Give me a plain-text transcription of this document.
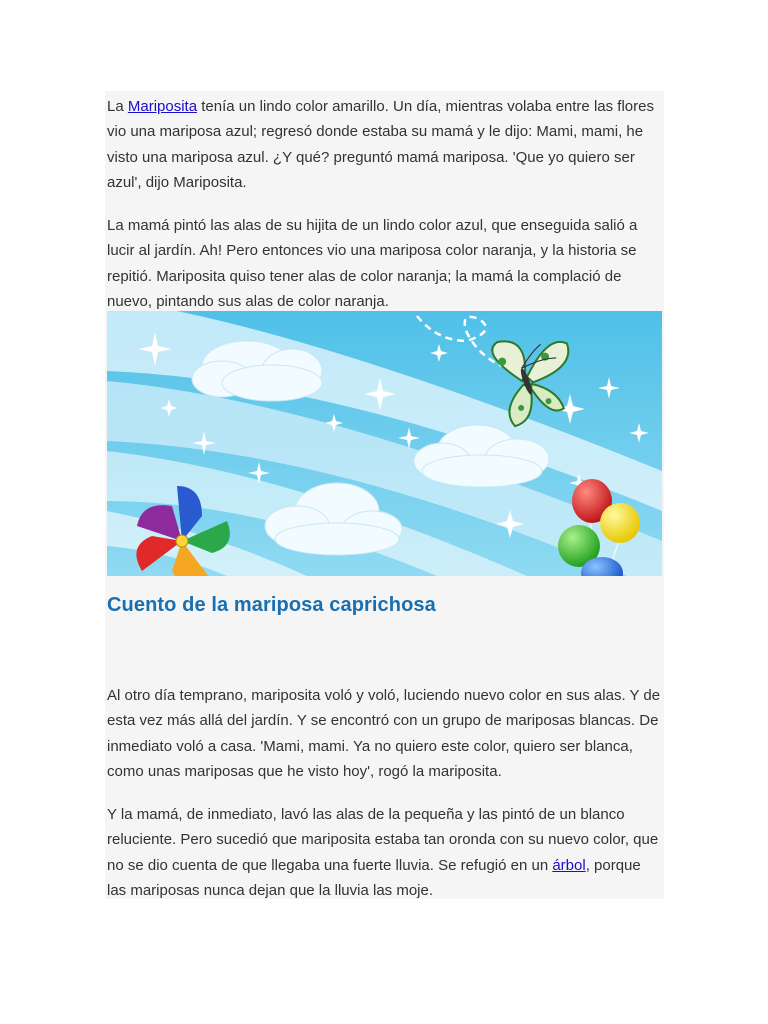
La Mariposita tenía un lindo color amarillo. Un día, mientras volaba entre las flores vio una mariposa azul; regresó donde estaba su mamá y le dijo: Mami, mami, he visto una mariposa azul. ¿Y qué? preguntó mamá mariposa. 'Que yo quiero ser azul', dijo Mariposita.

La mamá pintó las alas de su hijita de un lindo color azul, que enseguida salió a lucir al jardín. Ah! Pero entonces vio una mariposa color naranja, y la historia se repitió. Mariposita quiso tener alas de color naranja; la mamá la complació de nuevo, pintando sus alas de color naranja.

Cuento de la mariposa caprichosa

Al otro día temprano, mariposita voló y voló, luciendo nuevo color en sus alas. Y de esta vez más allá del jardín. Y se encontró con un grupo de mariposas blancas. De inmediato voló a casa. 'Mami, mami. Ya no quiero este color, quiero ser blanca, como unas mariposas que he visto hoy', rogó la mariposita.

Y la mamá, de inmediato, lavó las alas de la pequeña y las pintó de un blanco reluciente. Pero sucedió que mariposita estaba tan oronda con su nuevo color, que no se dio cuenta de que llegaba una fuerte lluvia. Se refugió en un árbol, porque las mariposas nunca dejan que la lluvia las moje.
